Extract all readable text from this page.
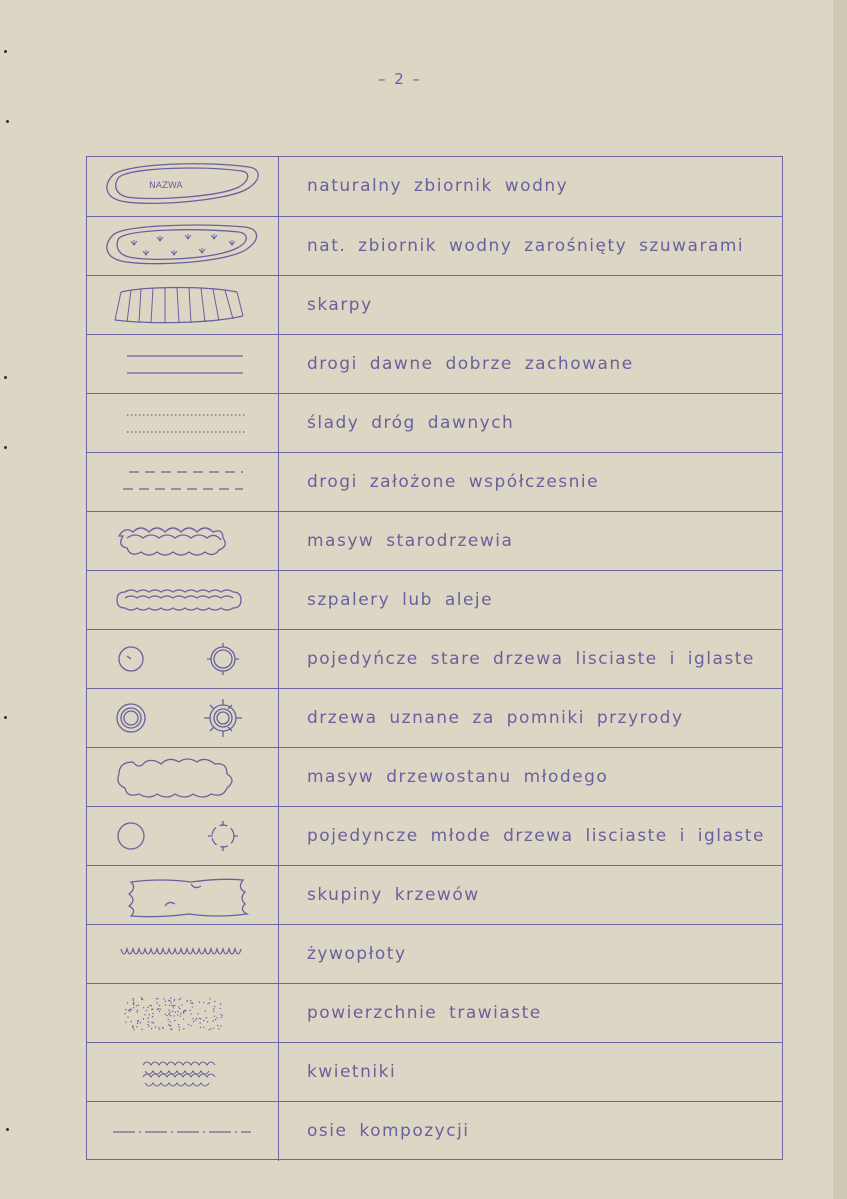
– 2 –
NAZWA	naturalny zbiornik wodny
nat. zbiornik wodny zarośnięty szuwarami
skarpy
drogi dawne dobrze zachowane
ślady dróg dawnych
drogi założone współczesnie
masyw starodrzewia
szpalery lub aleje
pojedyńcze stare drzewa lisciaste i iglaste
drzewa uznane za pomniki przyrody
masyw drzewostanu młodego
pojedyncze młode drzewa lisciaste i iglaste
skupiny krzewów
żywopłoty
powierzchnie trawiaste
kwietniki
osie kompozycji
